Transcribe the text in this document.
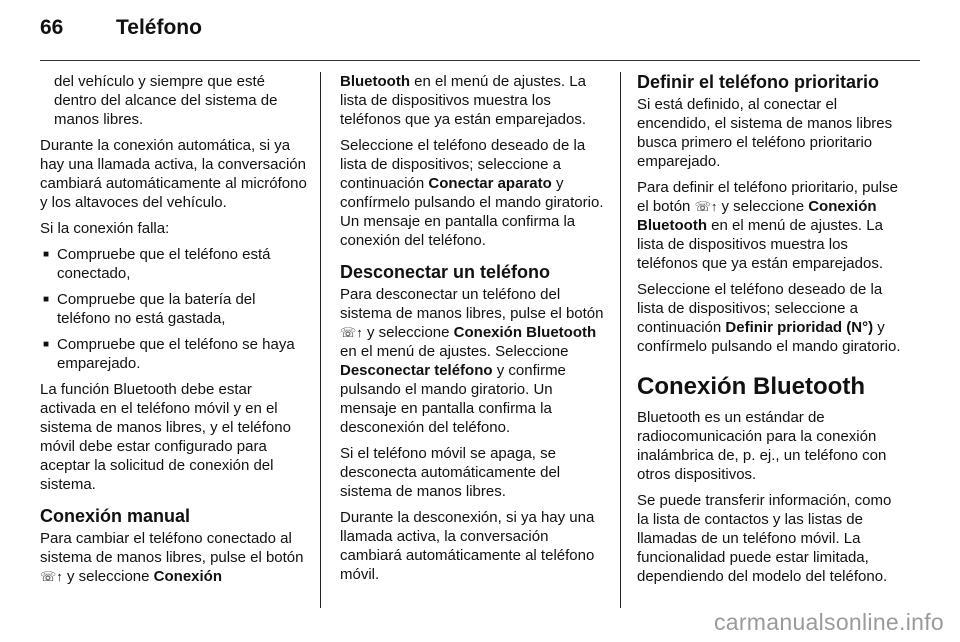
66	Teléfono

del vehículo y siempre que esté dentro del alcance del sistema de manos libres.

Durante la conexión automática, si ya hay una llamada activa, la conversación cambiará automáticamente al micrófono y los altavoces del vehículo.

Si la conexión falla:

■ Compruebe que el teléfono está conectado,
■ Compruebe que la batería del teléfono no está gastada,
■ Compruebe que el teléfono se haya emparejado.

La función Bluetooth debe estar activada en el teléfono móvil y en el sistema de manos libres, y el teléfono móvil debe estar configurado para aceptar la solicitud de conexión del sistema.

Conexión manual

Para cambiar el teléfono conectado al sistema de manos libres, pulse el botón ☏↑ y seleccione Conexión

Bluetooth en el menú de ajustes. La lista de dispositivos muestra los teléfonos que ya están emparejados.

Seleccione el teléfono deseado de la lista de dispositivos; seleccione a continuación Conectar aparato y confírmelo pulsando el mando giratorio. Un mensaje en pantalla confirma la conexión del teléfono.

Desconectar un teléfono

Para desconectar un teléfono del sistema de manos libres, pulse el botón ☏↑ y seleccione Conexión Bluetooth en el menú de ajustes. Seleccione Desconectar teléfono y confirme pulsando el mando giratorio. Un mensaje en pantalla confirma la desconexión del teléfono.

Si el teléfono móvil se apaga, se desconecta automáticamente del sistema de manos libres.

Durante la desconexión, si ya hay una llamada activa, la conversación cambiará automáticamente al teléfono móvil.

Definir el teléfono prioritario

Si está definido, al conectar el encendido, el sistema de manos libres busca primero el teléfono prioritario emparejado.

Para definir el teléfono prioritario, pulse el botón ☏↑ y seleccione Conexión Bluetooth en el menú de ajustes. La lista de dispositivos muestra los teléfonos que ya están emparejados.

Seleccione el teléfono deseado de la lista de dispositivos; seleccione a continuación Definir prioridad (N°) y confírmelo pulsando el mando giratorio.

Conexión Bluetooth

Bluetooth es un estándar de radiocomunicación para la conexión inalámbrica de, p. ej., un teléfono con otros dispositivos.

Se puede transferir información, como la lista de contactos y las listas de llamadas de un teléfono móvil. La funcionalidad puede estar limitada, dependiendo del modelo del teléfono.

carmanualsonline.info
